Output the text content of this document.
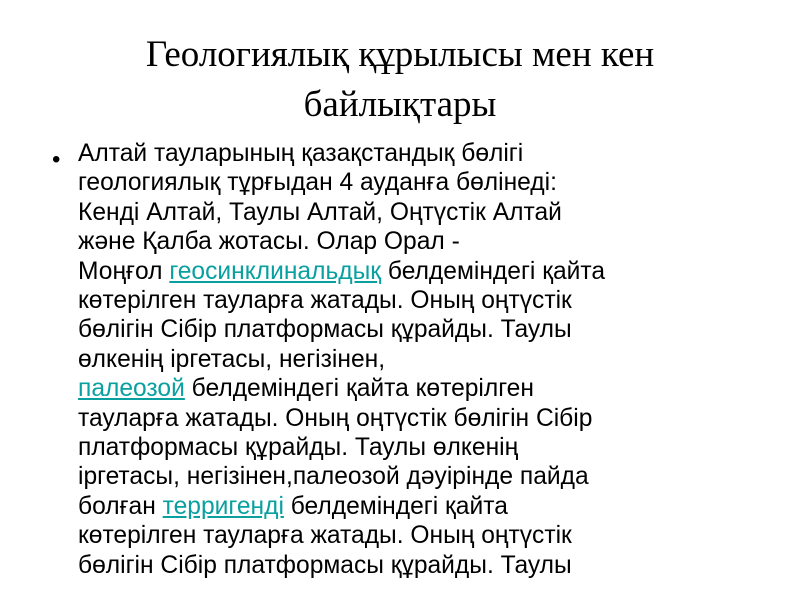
Геологиялық құрылысы мен кен
байлықтары
• Алтай тауларының қазақстандық бөлігі
геологиялық тұрғыдан 4 ауданға бөлінеді:
Кенді Алтай, Таулы Алтай, Оңтүстік Алтай
және Қалба жотасы. Олар Орал -
Моңғол геосинклинальдық белдеміндегі қайта
көтерілген тауларға жатады. Оның оңтүстік
бөлігін Сібір платформасы құрайды. Таулы
өлкенің іргетасы, негізінен,
палеозой белдеміндегі қайта көтерілген
тауларға жатады. Оның оңтүстік бөлігін Сібір
платформасы құрайды. Таулы өлкенің
іргетасы, негізінен,палеозой дәуірінде пайда
болған терригенді белдеміндегі қайта
көтерілген тауларға жатады. Оның оңтүстік
бөлігін Сібір платформасы құрайды. Таулы
